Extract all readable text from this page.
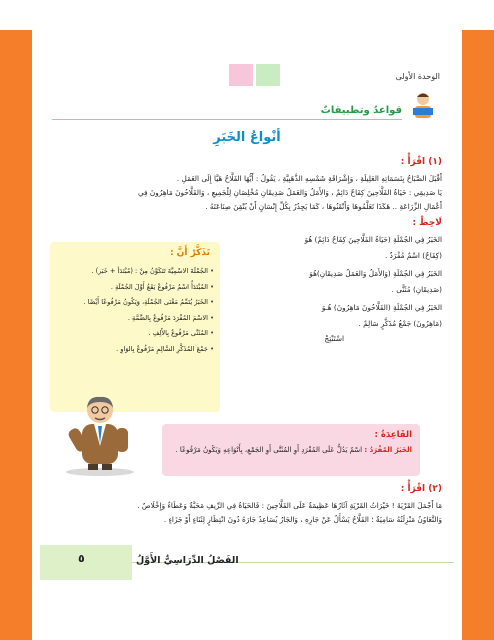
الوحدة الأولى
قواعدُ وتطبيقاتٌ
أنْواعُ الخَبَرِ
(١) اقْرَأْ :
أَقْبَلَ الصَّبَاحُ بِنَسَمَاتِهِ العَلِيلَةِ ، وَإِشْرَاقَةِ شَمْسِهِ الذَّهَبِيَّةِ ، يَقُولُ : أَيُّهَا الفَلَّاحُ هَيَّا إِلَى العَمَلِ .
يَا صَدِيقِي : حَيَاةُ الفَلَّاحِينَ كِفَاحٌ دَائِمٌ ، وَالأَمَلُ وَالعَمَلُ صَدِيقَانِ مُخْلِصَانِ لِلْجَمِيعِ ، وَالفَلَّاحُونَ مَاهِرُونَ فِي
أَعْمَالِ الزِّرَاعَةِ .. هَكَذَا تَعَلَّمُوهَا وَأَتْقَنُوهَا ، كَمَا يَجِدُرُ بِكُلِّ إِنْسَانٍ أَنْ يُتْقِنَ صِنَاعَتَهُ .
لَاحِظْ :
الخَبَرُ فِي الجُمْلَةِ (حَيَاةُ الفَلَّاحِينَ كِفَاحٌ دَائِمٌ) هُوَ
(كِفَاحٌ) اسْمٌ مُفْرَدٌ .
الخَبَرُ فِي الجُمْلَةِ (وَالأَمَلُ وَالعَمَلُ صَدِيقَانِ)هُوَ
(صَدِيقَانِ) مُثَنًّى .
الخَبَرُ فِي الجُمْلَةِ (الفَلَّاحُونَ مَاهِرُونَ) هُـوَ
(مَاهِرُونَ) جَمْعُ مُذَكَّرٍ سَالِمٌ .
اسْتَنْتِجْ
تَذَكَّرْ أَنَّ :
• الجُمْلَةَ الاسْمِيَّةَ تَتَكَوَّنُ مِنْ : (مُبْتَدَأ + خَبَر) .
• المُبْتَدَأُ اسْمٌ مَرْفُوعٌ يَقَعُ أَوَّلَ الجُمْلَةِ .
• الخَبَرُ يُتَمِّمُ مَعْنَى الجُمْلَةِ، وَيَكُونُ مَرْفُوعًا أَيْضًا .
• الاسْمَ المُفْرَدَ مَرْفُوعٌ بِالضَّمَّةِ .
• المُثَنَّى مَرْفُوعٌ بِالأَلِفِ .
• جَمْعَ المُذَكَّرِ السَّالِمِ مَرْفُوعٌ بِالوَاوِ .
القَاعِدَةُ :
الخَبَرُ المُفْرَدُ : اسْمٌ يَدُلُّ عَلَى المُفْرَدِ أَوِ المُثَنَّى أَوِ الجَمْعِ، بِأَنْوَاعِهِ وَيَكُونُ مَرْفُوعًا .
(٢) اقْرَأْ :
مَا أَجْمَلَ القَرْيَةَ ! خَيْرَاتُ القَرْيَةِ آثَارُهَا عَظِيمَةٌ عَلَى الفَلَّاحِينَ : فَالحَيَاةُ فِي الرِّيفِ مَحَبَّةٌ وَعَطَاءٌ وَإِخْلَاصٌ .
وَالتَّعَاوُنُ مَنْزِلَتُهُ سَامِيَةٌ ؛ الفَلَّاحُ يَسْأَلُ عَنْ جَارِهِ ، وَالجَارُ يُسَاعِدُ جَارَهُ دُونَ انْتِظَارٍ لِثَنَاءٍ أَوْ جَزَاءٍ .
٥	الفَصْلُ الدِّرَاسِيُّ الأَوَّلُ
